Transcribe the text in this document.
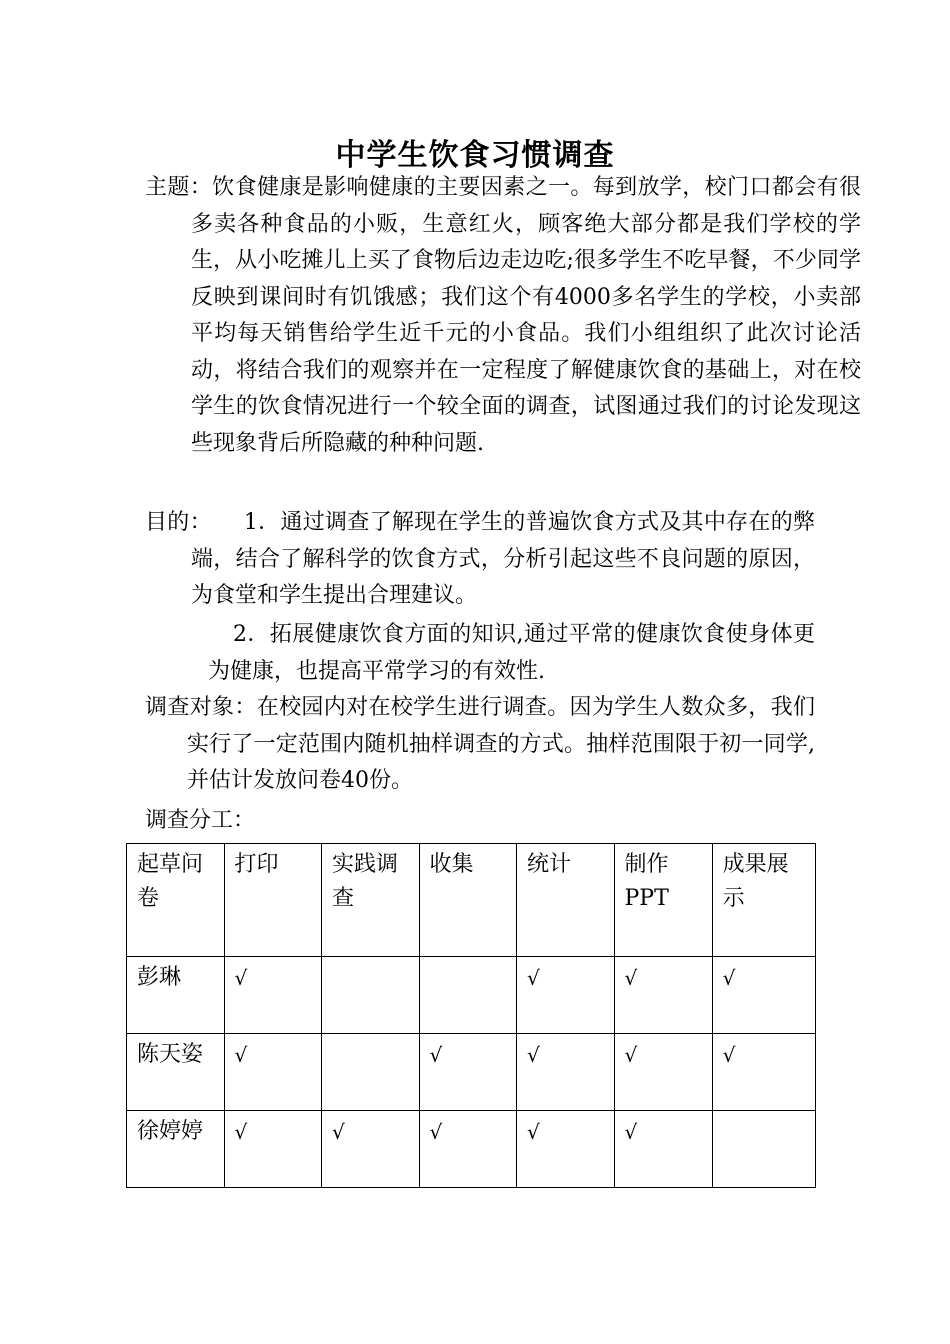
中学生饮食习惯调查
主题：饮食健康是影响健康的主要因素之一。每到放学，校门口都会有很多卖各种食品的小贩，生意红火，顾客绝大部分都是我们学校的学生，从小吃摊儿上买了食物后边走边吃;很多学生不吃早餐，不少同学反映到课间时有饥饿感；我们这个有4000多名学生的学校，小卖部平均每天销售给学生近千元的小食品。我们小组组织了此次讨论活动，将结合我们的观察并在一定程度了解健康饮食的基础上，对在校学生的饮食情况进行一个较全面的调查，试图通过我们的讨论发现这些现象背后所隐藏的种种问题.
目的： 1．通过调查了解现在学生的普遍饮食方式及其中存在的弊端，结合了解科学的饮食方式，分析引起这些不良问题的原因，为食堂和学生提出合理建议。
2．拓展健康饮食方面的知识,通过平常的健康饮食使身体更为健康，也提高平常学习的有效性.
调查对象：在校园内对在校学生进行调查。因为学生人数众多，我们实行了一定范围内随机抽样调查的方式。抽样范围限于初一同学,并估计发放问卷40份。
调查分工：
起草问卷	打印	实践调查	收集	统计	制作PPT	成果展示
彭琳	√			√	√	√
陈天姿	√		√	√	√	√
徐婷婷	√	√	√	√	√	
